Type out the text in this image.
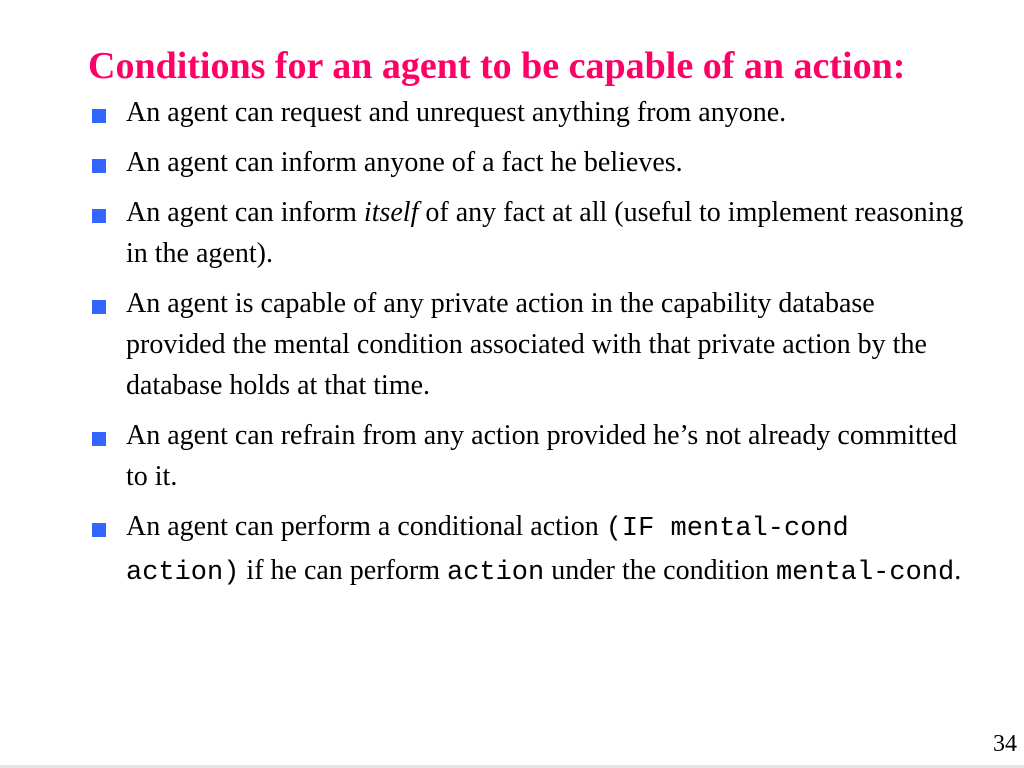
Conditions for an agent to be capable of an action:
An agent can request and unrequest anything from anyone.
An agent can inform anyone of a fact he believes.
An agent can inform itself of any fact at all (useful to implement reasoning in the agent).
An agent is capable of any private action in the capability database provided the mental condition associated with that private action by the database holds at that time.
An agent can refrain from any action provided he’s not already committed to it.
An agent can perform a conditional action (IF mental-cond action) if he can perform action under the condition mental-cond.
34
